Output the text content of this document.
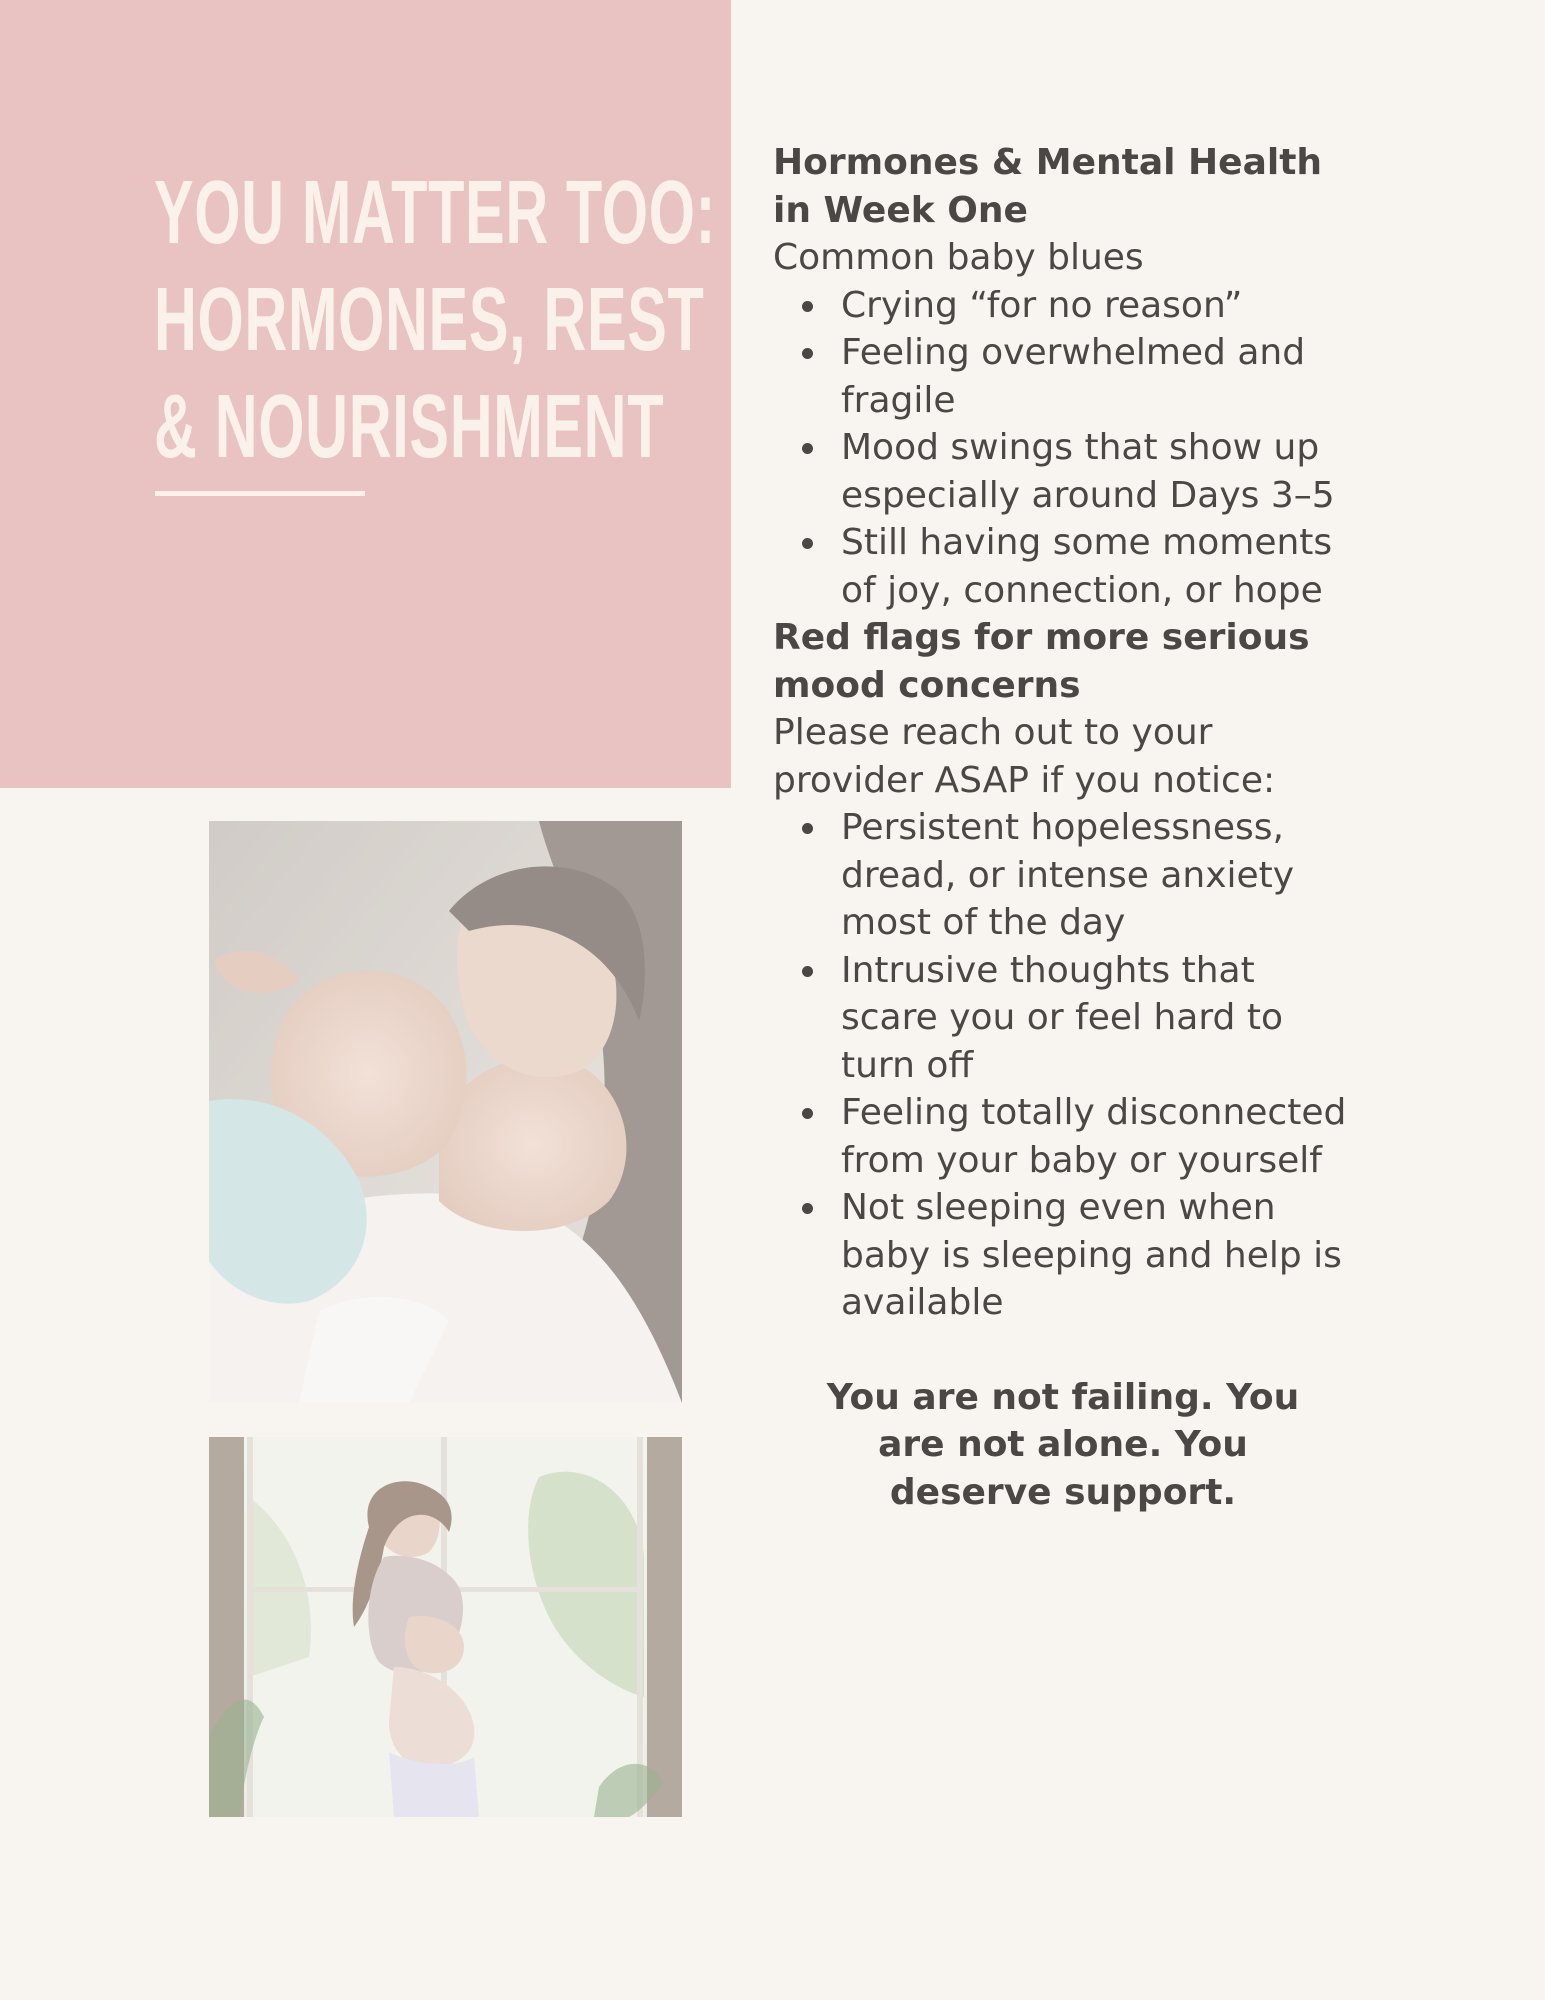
YOU MATTER TOO:
HORMONES, REST
& NOURISHMENT

Hormones & Mental Health in Week One

Common baby blues

Crying “for no reason”
Feeling overwhelmed and fragile
Mood swings that show up especially around Days 3–5
Still having some moments of joy, connection, or hope

Red flags for more serious mood concerns

Please reach out to your provider ASAP if you notice:

Persistent hopelessness, dread, or intense anxiety most of the day
Intrusive thoughts that scare you or feel hard to turn off
Feeling totally disconnected from your baby or yourself
Not sleeping even when baby is sleeping and help is available

You are not failing. You are not alone. You deserve support.
